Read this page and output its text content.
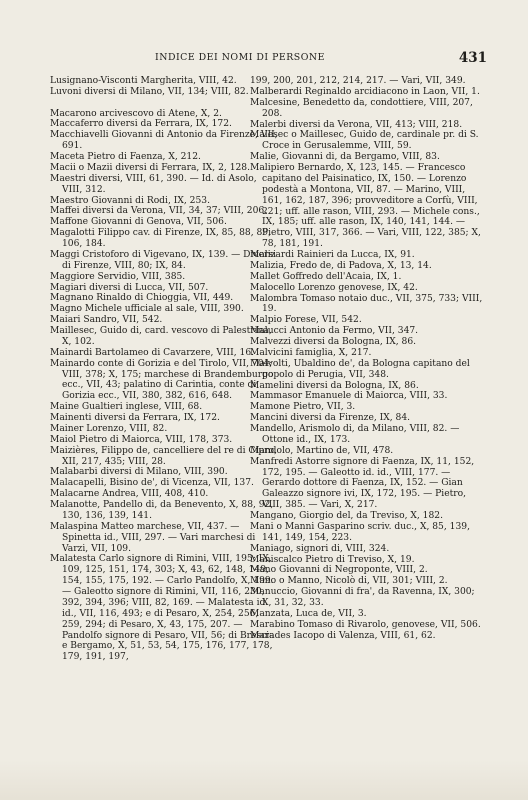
INDICE DEI NOMI DI PERSONE	431
Lusignano-Visconti Margherita, VIII, 42.
Luvoni diversi di Milano, VII, 134; VIII, 82.
Macarono arcivescovo di Atene, X, 2.
Maccaferro diversi da Ferrara, IX, 172.
Macchiavelli Giovanni di Antonio da Firenze, VII, 691.
Maceta Pietro di Faenza, X, 212.
Macii o Mazii diversi di Ferrara, IX, 2, 128.
Maestri diversi, VIII, 61, 390. — Id. di Asolo, VIII, 312.
Maestro Giovanni di Rodi, IX, 253.
Maffei diversi da Verona, VII, 34, 37; VIII, 206.
Maffone Giovanni di Genova, VII, 506.
Magalotti Filippo cav. di Firenze, IX, 85, 88, 89, 106, 184.
Maggi Cristoforo di Vigevano, IX, 139. — Diversi di Firenze, VIII, 80; IX, 84.
Maggiore Servidio, VIII, 385.
Magiari diversi di Lucca, VII, 507.
Magnano Rinaldo di Chioggia, VII, 449.
Magno Michele ufficiale al sale, VIII, 390.
Maiari Sandro, VII, 542.
Maillesec, Guido di, card. vescovo di Palestrina, X, 102.
Mainardi Bartolameo di Cavarzere, VIII, 16.
Mainardo conte di Gorizia e del Tirolo, VII, 704; VIII, 378; X, 175; marchese di Brandemburgo ecc., VII, 43; palatino di Carintia, conte di Gorizia ecc., VII, 380, 382, 616, 648.
Maine Gualtieri inglese, VIII, 68.
Mainenti diversi da Ferrara, IX, 172.
Mainer Lorenzo, VIII, 82.
Maiol Pietro di Maiorca, VIII, 178, 373.
Maizières, Filippo de, cancelliere del re di Cipro, XII, 217, 435; VIII, 28.
Malabarbi diversi di Milano, VIII, 390.
Malacapelli, Bisino de', di Vicenza, VII, 137.
Malacarne Andrea, VIII, 408, 410.
Malanotte, Pandello di, da Benevento, X, 88, 92, 130, 136, 139, 141.
Malaspina Matteo marchese, VII, 437. — Spinetta id., VIII, 297. — Vari marchesi di Varzi, VII, 109.
Malatesta Carlo signore di Rimini, VIII, 195; IX, 109, 125, 151, 174, 303; X, 43, 62, 148, 149, 154, 155, 175, 192. — Carlo Pandolfo, X, 199. — Galeotto signore di Rimini, VII, 116, 230, 392, 394, 396; VIII, 82, 169. — Malatesta id. id., VII, 116, 493; e di Pesaro, X, 254, 256, 259, 294; di Pesaro, X, 43, 175, 207. — Pandolfo signore di Pesaro, VII, 56; di Brescia e Bergamo, X, 51, 53, 54, 175, 176, 177, 178, 179, 191, 197,
199, 200, 201, 212, 214, 217. — Vari, VII, 349.
Malberardi Reginaldo arcidiacono in Laon, VII, 1.
Malcesine, Benedetto da, condottiere, VIII, 207, 208.
Malerbi diversi da Verona, VII, 413; VIII, 218.
Malesec o Maillesec, Guido de, cardinale pr. di S. Croce in Gerusalemme, VIII, 59.
Malie, Giovanni di, da Bergamo, VIII, 83.
Malipiero Bernardo, X, 123, 145. — Francesco capitano del Paisinatico, IX, 150. — Lorenzo podestà a Montona, VII, 87. — Marino, VIII, 161, 162, 187, 396; provveditore a Corfù, VIII, 221; uff. alle rason, VIII, 293. — Michele cons., IX, 185; uff. alle rason, IX, 140, 141, 144. — Pietro, VIII, 317, 366. — Vari, VIII, 122, 385; X, 78, 181, 191.
Malizardi Rainieri da Lucca, IX, 91.
Malizia, Fredo de, di Padova, X, 13, 14.
Mallet Goffredo dell'Acaia, IX, 1.
Malocello Lorenzo genovese, IX, 42.
Malombra Tomaso notaio duc., VII, 375, 733; VIII, 19.
Malpio Forese, VII, 542.
Malucci Antonio da Fermo, VII, 347.
Malvezzi diversi da Bologna, IX, 86.
Malvicini famiglia, X, 217.
Malvolti, Ubaldino de', da Bologna capitano del popolo di Perugia, VII, 348.
Mamelini diversi da Bologna, IX, 86.
Mammasor Emanuele di Maiorca, VIII, 33.
Mamone Pietro, VII, 3.
Mancini diversi da Firenze, IX, 84.
Mandello, Arismolo di, da Milano, VIII, 82. — Ottone id., IX, 173.
Mandolo, Martino de, VII, 478.
Manfredi Astorre signore di Faenza, IX, 11, 152, 172, 195. — Galeotto id. id., VIII, 177. — Gerardo dottore di Faenza, IX, 152. — Gian Galeazzo signore ivi, IX, 172, 195. — Pietro, VIII, 385. — Vari, X, 217.
Mangano, Giorgio del, da Treviso, X, 182.
Mani o Manni Gasparino scriv. duc., X, 85, 139, 141, 149, 154, 223.
Maniago, signori di, VIII, 324.
Maniscalco Pietro di Treviso, X, 19.
Mano Giovanni di Negroponte, VIII, 2.
Mano o Manno, Nicolò di, VII, 301; VIII, 2.
Manuccio, Giovanni di fra', da Ravenna, IX, 300; X, 31, 32, 33.
Manzata, Luca de, VII, 3.
Marabino Tomaso di Rivarolo, genovese, VII, 506.
Marades Iacopo di Valenza, VIII, 61, 62.
